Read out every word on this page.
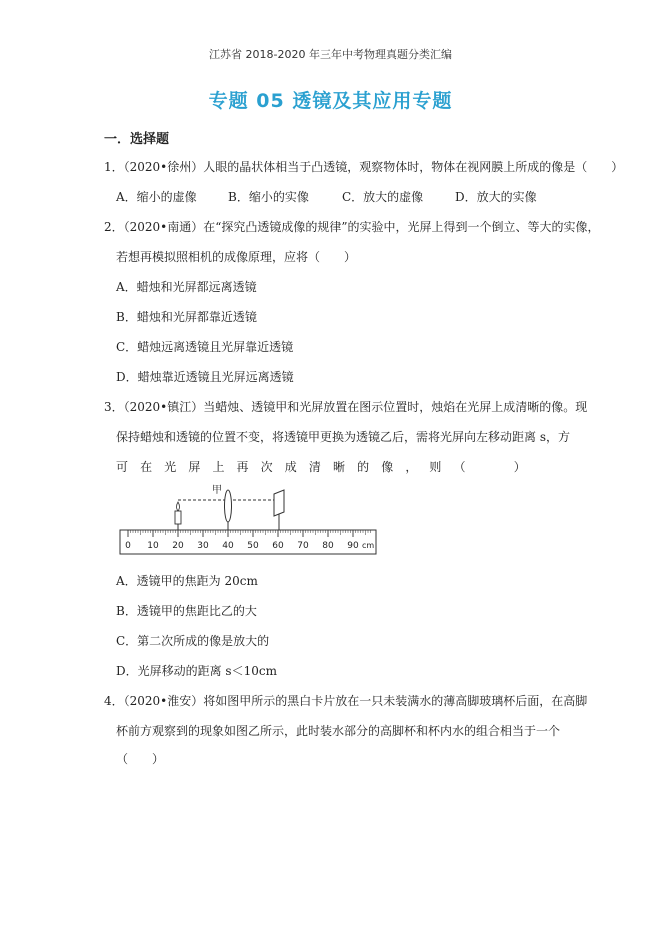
江苏省 2018-2020 年三年中考物理真题分类汇编
专题 05 透镜及其应用专题
一．选择题
1．（2020•徐州）人眼的晶状体相当于凸透镜，观察物体时，物体在视网膜上所成的像是（　　）
A．缩小的虚像	B．缩小的实像	C．放大的虚像	D．放大的实像
2．（2020•南通）在“探究凸透镜成像的规律”的实验中，光屏上得到一个倒立、等大的实像，
若想再模拟照相机的成像原理，应将（　　）
A．蜡烛和光屏都远离透镜
B．蜡烛和光屏都靠近透镜
C．蜡烛远离透镜且光屏靠近透镜
D．蜡烛靠近透镜且光屏远离透镜
3．（2020•镇江）当蜡烛、透镜甲和光屏放置在图示位置时，烛焰在光屏上成清晰的像。现
保持蜡烛和透镜的位置不变，将透镜甲更换为透镜乙后，需将光屏向左移动距离 s，方
可 在 光 屏 上 再 次 成 清 晰 的 像 ， 则 （
　　	）
甲
0 10 20 30 40 50 60 70 80 90 cm
A．透镜甲的焦距为 20cm
B．透镜甲的焦距比乙的大
C．第二次所成的像是放大的
D．光屏移动的距离 s＜10cm
4．（2020•淮安）将如图甲所示的黑白卡片放在一只未装满水的薄高脚玻璃杯后面，在高脚
杯前方观察到的现象如图乙所示，此时装水部分的高脚杯和杯内水的组合相当于一个
（　　）
